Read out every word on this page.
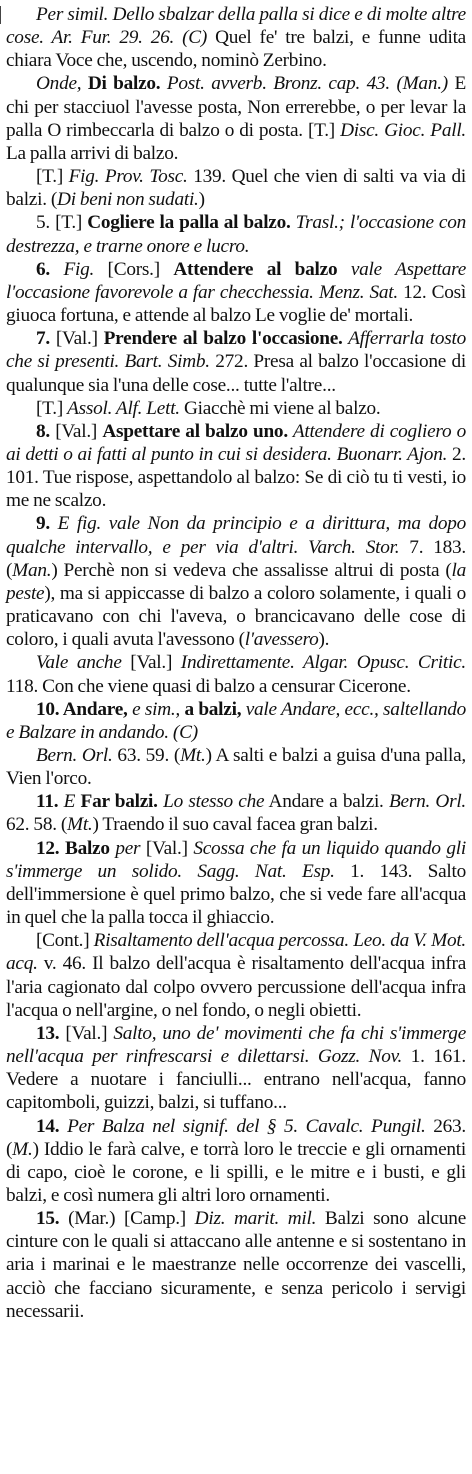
Per simil. Dello sbalzar della palla si dice e di molte altre cose. Ar. Fur. 29. 26. (C) Quel fe' tre balzi, e funne udita chiara Voce che, uscendo, nominò Zerbino.

Onde, Di balzo. Post. avverb. Bronz. cap. 43. (Man.) E chi per stacciuol l'avesse posta, Non errerebbe, o per levar la palla O rimbeccarla di balzo o di posta. [T.] Disc. Gioc. Pall. La palla arrivi di balzo.

[T.] Fig. Prov. Tosc. 139. Quel che vien di salti va via di balzi. (Di beni non sudati.)

5. [T.] Cogliere la palla al balzo. Trasl.; l'occasione con destrezza, e trarne onore e lucro.

6. Fig. [Cors.] Attendere al balzo vale Aspettare l'occasione favorevole a far checchessia. Menz. Sat. 12. Così giuoca fortuna, e attende al balzo Le voglie de' mortali.

7. [Val.] Prendere al balzo l'occasione. Afferrarla tosto che si presenti. Bart. Simb. 272. Presa al balzo l'occasione di qualunque sia l'una delle cose... tutte l'altre...

[T.] Assol. Alf. Lett. Giacchè mi viene al balzo.

8. [Val.] Aspettare al balzo uno. Attendere di cogliero o ai detti o ai fatti al punto in cui si desidera. Buonarr. Ajon. 2. 101. Tue rispose, aspettandolo al balzo: Se di ciò tu ti vesti, io me ne scalzo.

9. E fig. vale Non da principio e a dirittura, ma dopo qualche intervallo, e per via d'altri. Varch. Stor. 7. 183. (Man.) Perchè non si vedeva che assalisse altrui di posta (la peste), ma si appiccasse di balzo a coloro solamente, i quali o praticavano con chi l'aveva, o brancicavano delle cose di coloro, i quali avuta l'avessono (l'avessero).

Vale anche [Val.] Indirettamente. Algar. Opusc. Critic. 118. Con che viene quasi di balzo a censurar Cicerone.

10. Andare, e sim., a balzi, vale Andare, ecc., saltellando e Balzare in andando. (C)

Bern. Orl. 63. 59. (Mt.) A salti e balzi a guisa d'una palla, Vien l'orco.

11. E Far balzi. Lo stesso che Andare a balzi. Bern. Orl. 62. 58. (Mt.) Traendo il suo caval facea gran balzi.

12. Balzo per [Val.] Scossa che fa un liquido quando gli s'immerge un solido. Sagg. Nat. Esp. 1. 143. Salto dell'immersione è quel primo balzo, che si vede fare all'acqua in quel che la palla tocca il ghiaccio.

[Cont.] Risaltamento dell'acqua percossa. Leo. da V. Mot. acq. v. 46. Il balzo dell'acqua è risaltamento dell'acqua infra l'aria cagionato dal colpo ovvero percussione dell'acqua infra l'acqua o nell'argine, o nel fondo, o negli obietti.

13. [Val.] Salto, uno de' movimenti che fa chi s'immerge nell'acqua per rinfrescarsi e dilettarsi. Gozz. Nov. 1. 161. Vedere a nuotare i fanciulli... entrano nell'acqua, fanno capitomboli, guizzi, balzi, si tuffano...

14. Per Balza nel signif. del § 5. Cavalc. Pungil. 263. (M.) Iddio le farà calve, e torrà loro le treccie e gli ornamenti di capo, cioè le corone, e li spilli, e le mitre e i busti, e gli balzi, e così numera gli altri loro ornamenti.

15. (Mar.) [Camp.] Diz. marit. mil. Balzi sono alcune cinture con le quali si attaccano alle antenne e si sostentano in aria i marinai e le maestranze nelle occorrenze dei vascelli, acciò che facciano sicuramente, e senza pericolo i servigi necessarii.
